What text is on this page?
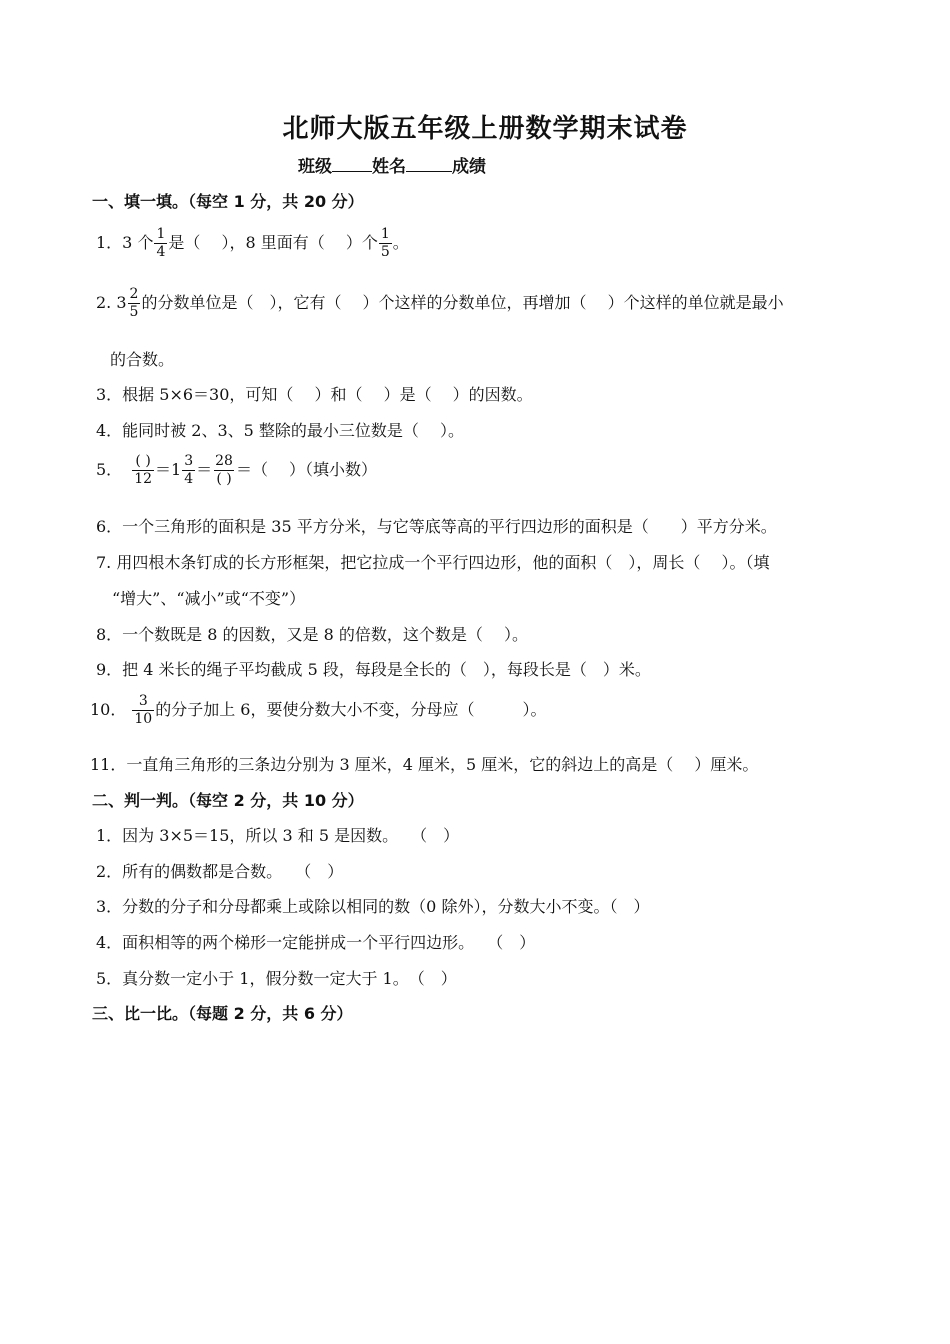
北师大版五年级上册数学期末试卷
班级 姓名	成绩
一、填一填。（每空 1 分，共 20 分）
1．3 个 $\frac{1}{4}$ 是（　 ），8 里面有（　 ）个 $\frac{1}{5}$ 。
2. $3 \frac{2}{5}$ 的分数单位是（　），它有（　 ）个这样的分数单位，再增加（　 ）个这样的单位就是最小
的合数。
3．根据 5×6＝30，可知（　 ）和（　 ）是（　 ）的因数。
4．能同时被 2、3、5 整除的最小三位数是（　 ）。
5． $\frac{( )}{12} =1 \frac{3}{4} = \frac{28}{( )}$ ＝（　 ）（填小数）
6．一个三角形的面积是 35 平方分米，与它等底等高的平行四边形的面积是（　　）平方分米。
7. 用四根木条钉成的长方形框架，把它拉成一个平行四边形，他的面积（　），周长（　 ）。（填
“增大”、“减小”或“不变”）
8．一个数既是 8 的因数，又是 8 的倍数，这个数是（　 ）。
9．把 4 米长的绳子平均截成 5 段，每段是全长的（　），每段长是（　）米。
10． $\frac{3}{10}$ 的分子加上 6，要使分数大小不变，分母应（　　　）。
11．一直角三角形的三条边分别为 3 厘米，4 厘米，5 厘米，它的斜边上的高是（　 ）厘米。
二、判一判。（每空 2 分，共 10 分）
1．因为 3×5＝15，所以 3 和 5 是因数。　 （　）
2．所有的偶数都是合数。　 （　）
3．分数的分子和分母都乘上或除以相同的数（0 除外），分数大小不变。（　）
4．面积相等的两个梯形一定能拼成一个平行四边形。　 （　）
5．真分数一定小于 1，假分数一定大于 1。　（　）
三、比一比。（每题 2 分，共 6 分）
